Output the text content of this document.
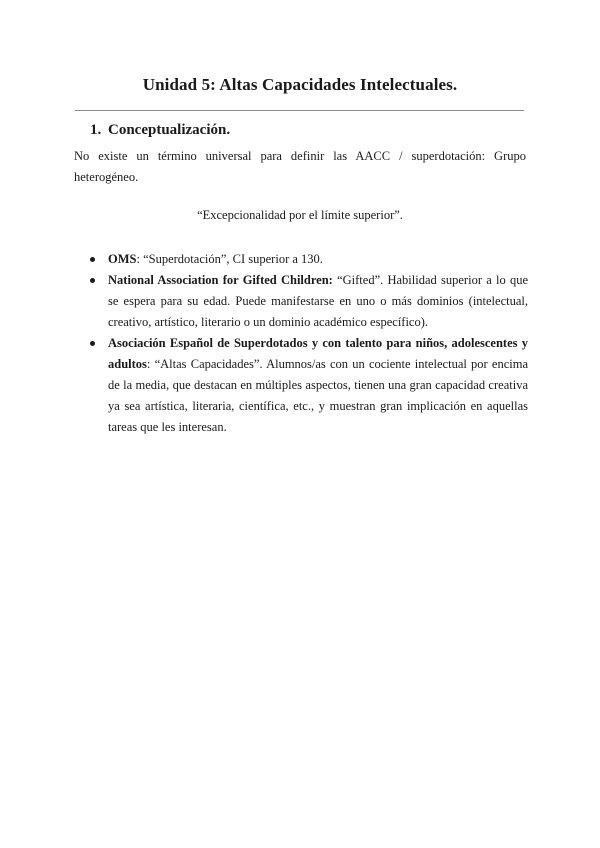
Unidad 5: Altas Capacidades Intelectuales.
1. Conceptualización.
No existe un término universal para definir las AACC / superdotación: Grupo heterogéneo.
“Excepcionalidad por el límite superior”.
OMS: “Superdotación”, CI superior a 130.
National Association for Gifted Children: “Gifted”. Habilidad superior a lo que se espera para su edad. Puede manifestarse en uno o más dominios (intelectual, creativo, artístico, literario o un dominio académico específico).
Asociación Español de Superdotados y con talento para niños, adolescentes y adultos: “Altas Capacidades”. Alumnos/as con un cociente intelectual por encima de la media, que destacan en múltiples aspectos, tienen una gran capacidad creativa ya sea artística, literaria, científica, etc., y muestran gran implicación en aquellas tareas que les interesan.
